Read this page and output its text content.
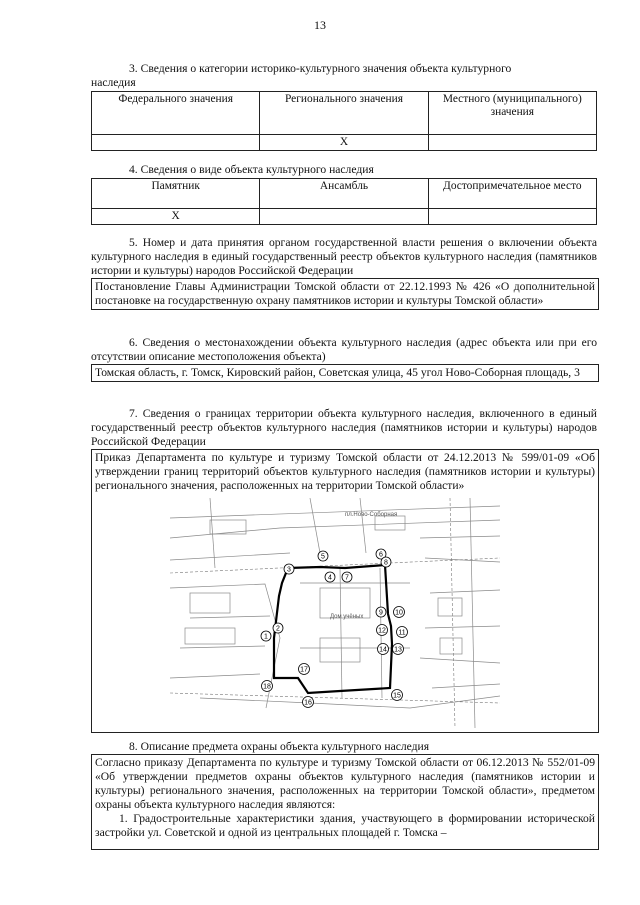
13
3. Сведения о категории историко-культурного значения объекта культурного
наследия
Федерального значения	Регионального значения	Местного (муниципального) значения
	Х	
4. Сведения о виде объекта культурного наследия
Памятник	Ансамбль	Достопримечательное место
Х		
5. Номер и дата принятия органом государственной власти решения о включении объекта культурного наследия в единый государственный реестр объектов культурного наследия (памятников истории и культуры) народов Российской Федерации
Постановление Главы Администрации Томской области от 22.12.1993 № 426 «О дополнительной постановке на государственную охрану памятников истории и культуры Томской области»
6. Сведения о местонахождении объекта культурного наследия (адрес объекта или при его отсутствии описание местоположения объекта)
Томская область, г. Томск, Кировский район, Советская улица, 45 угол Ново-Соборная площадь, 3
7. Сведения о границах территории объекта культурного наследия, включенного в единый государственный реестр объектов культурного наследия (памятников истории и культуры) народов Российской Федерации
Приказ Департамента по культуре и туризму Томской области от 24.12.2013 № 599/01-09 «Об утверждении границ территорий объектов культурного наследия (памятников истории и культуры) регионального значения, расположенных на территории Томской области»
пл.Ново-Соборная
Дом учёных
1
2
3
4
5	6
7
8
9 10
11
12
13
14
15
16
17
18
8. Описание предмета охраны объекта культурного наследия
Согласно приказу Департамента по культуре и туризму Томской области от 06.12.2013 № 552/01-09 «Об утверждении предметов охраны объектов культурного наследия (памятников истории и культуры) регионального значения, расположенных на территории Томской области», предметом охраны объекта культурного наследия являются:
1. Градостроительные характеристики здания, участвующего в формировании исторической застройки ул. Советской и одной из центральных площадей г. Томска –
